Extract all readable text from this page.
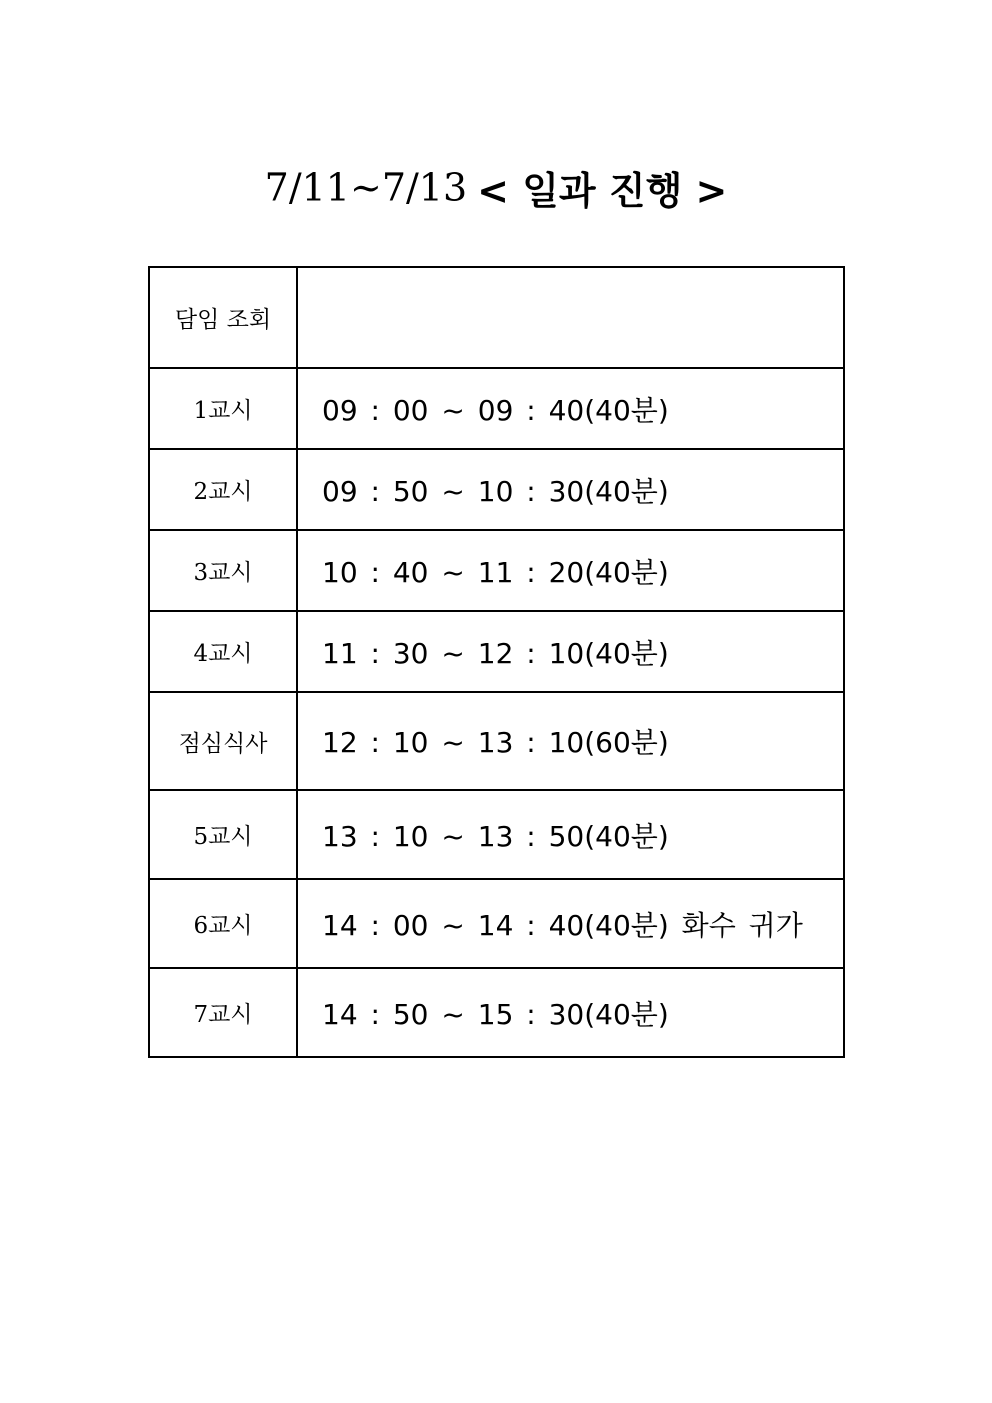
7/11~7/13 < 일과 진행 >
담임 조회	
1교시	09 : 00 ~ 09 : 40(40분)
2교시	09 : 50 ~ 10 : 30(40분)
3교시	10 : 40 ~ 11 : 20(40분)
4교시	11 : 30 ~ 12 : 10(40분)
점심식사	12 : 10 ~ 13 : 10(60분)
5교시	13 : 10 ~ 13 : 50(40분)
6교시	14 : 00 ~ 14 : 40(40분) 화수 귀가
7교시	14 : 50 ~ 15 : 30(40분)
